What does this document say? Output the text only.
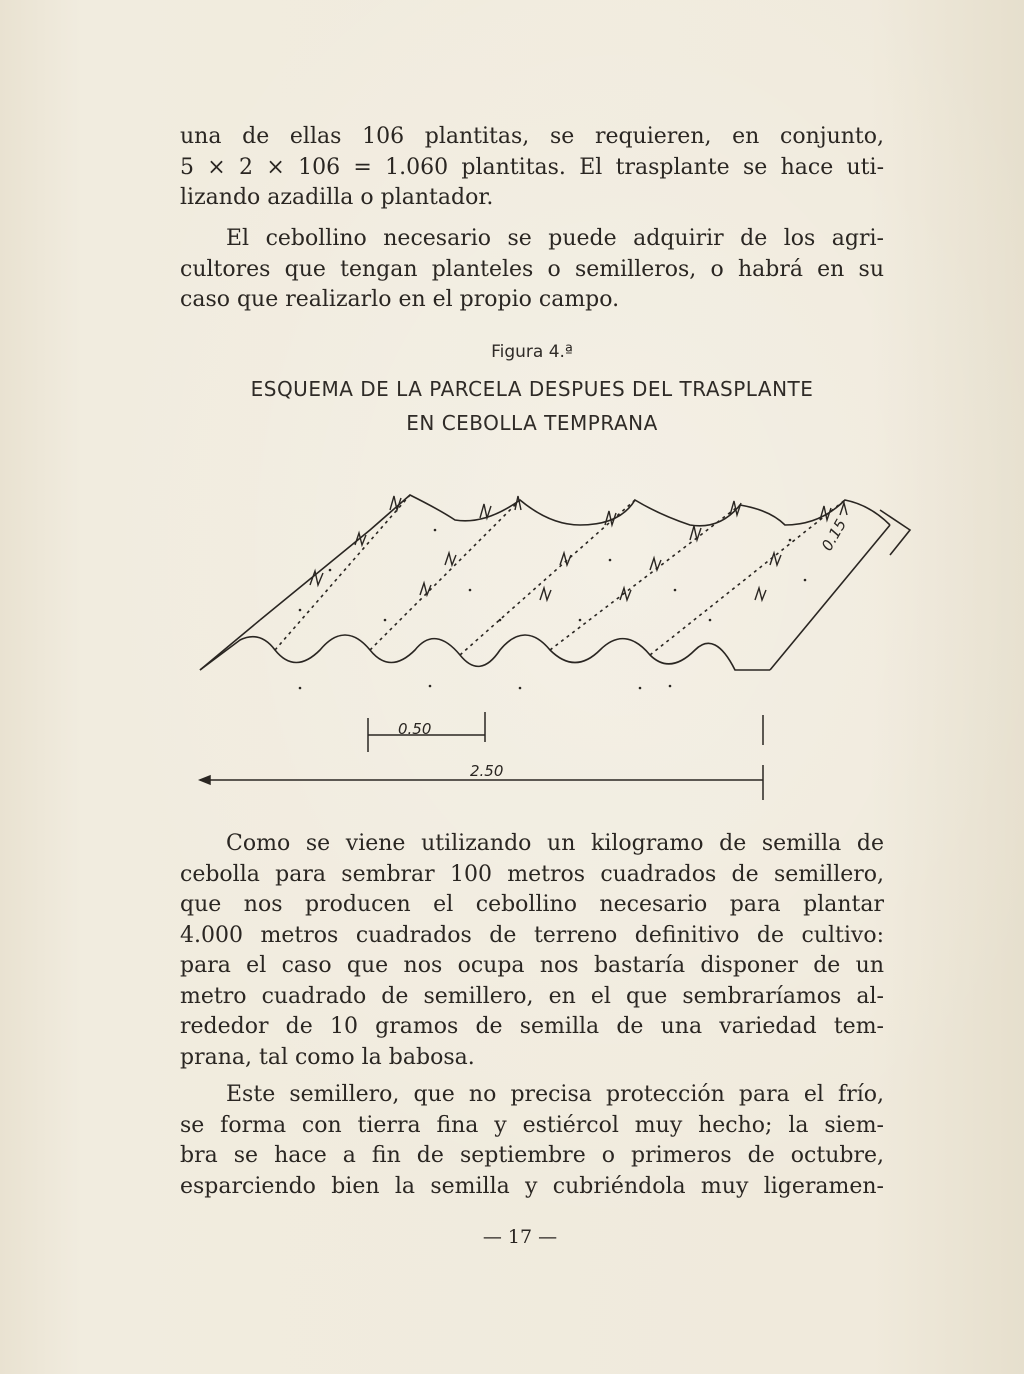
una de ellas 106 plantitas, se requieren, en conjunto,
5 × 2 × 106 = 1.060 plantitas. El trasplante se hace uti-
lizando azadilla o plantador.
El cebollino necesario se puede adquirir de los agri-
cultores que tengan planteles o semilleros, o habrá en su
caso que realizarlo en el propio campo.
Figura 4.ª
ESQUEMA DE LA PARCELA DESPUES DEL TRASPLANTE
EN CEBOLLA TEMPRANA
0.15
0.50
2.50
Como se viene utilizando un kilogramo de semilla de
cebolla para sembrar 100 metros cuadrados de semillero,
que nos producen el cebollino necesario para plantar
4.000 metros cuadrados de terreno definitivo de cultivo:
para el caso que nos ocupa nos bastaría disponer de un
metro cuadrado de semillero, en el que sembraríamos al-
rededor de 10 gramos de semilla de una variedad tem-
prana, tal como la babosa.
Este semillero, que no precisa protección para el frío,
se forma con tierra fina y estiércol muy hecho; la siem-
bra se hace a fin de septiembre o primeros de octubre,
esparciendo bien la semilla y cubriéndola muy ligeramen-
— 17 —
